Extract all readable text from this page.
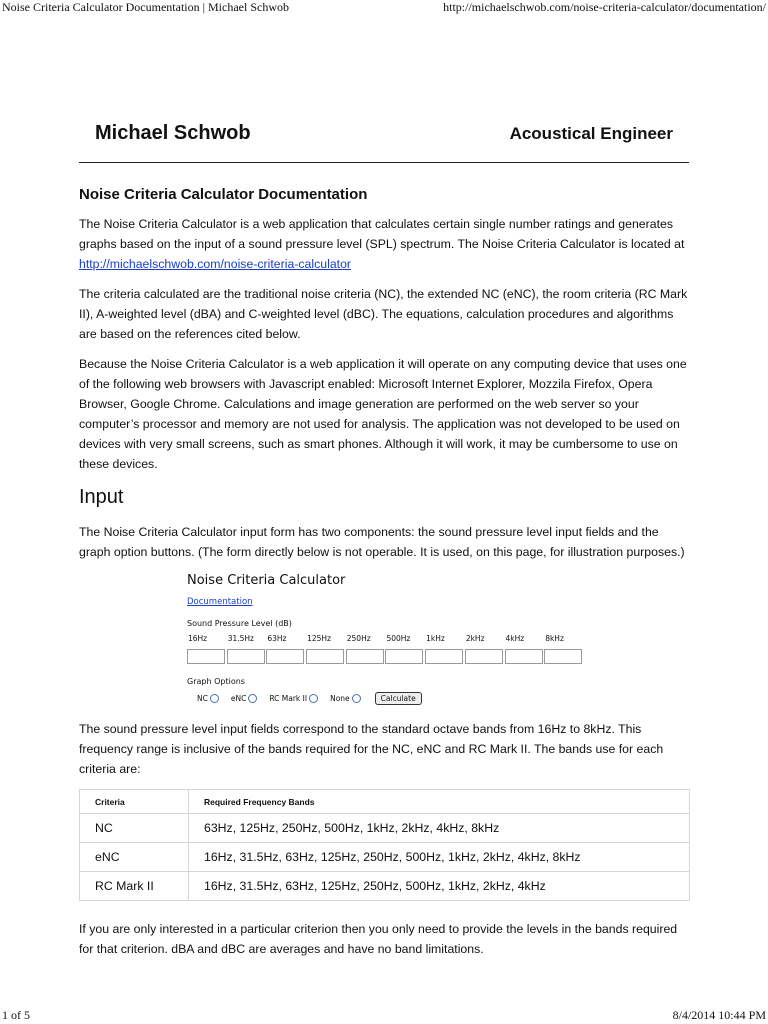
Noise Criteria Calculator Documentation | Michael Schwob	http://michaelschwob.com/noise-criteria-calculator/documentation/
Michael Schwob	Acoustical Engineer
Noise Criteria Calculator Documentation

The Noise Criteria Calculator is a web application that calculates certain single number ratings and generates graphs based on the input of a sound pressure level (SPL) spectrum. The Noise Criteria Calculator is located at http://michaelschwob.com/noise-criteria-calculator

The criteria calculated are the traditional noise criteria (NC), the extended NC (eNC), the room criteria (RC Mark II), A-weighted level (dBA) and C-weighted level (dBC). The equations, calculation procedures and algorithms are based on the references cited below.

Because the Noise Criteria Calculator is a web application it will operate on any computing device that uses one of the following web browsers with Javascript enabled: Microsoft Internet Explorer, Mozzila Firefox, Opera Browser, Google Chrome. Calculations and image generation are performed on the web server so your computer’s processor and memory are not used for analysis. The application was not developed to be used on devices with very small screens, such as smart phones. Although it will work, it may be cumbersome to use on these devices.

Input

The Noise Criteria Calculator input form has two components: the sound pressure level input fields and the graph option buttons. (The form directly below is not operable. It is used, on this page, for illustration purposes.)

Noise Criteria Calculator
Documentation
Sound Pressure Level (dB)
16Hz	31.5Hz	63Hz	125Hz	250Hz	500Hz	1kHz	2kHz	4kHz	8kHz
Graph Options
NC	eNC	RC Mark II	None	Calculate

The sound pressure level input fields correspond to the standard octave bands from 16Hz to 8kHz. This frequency range is inclusive of the bands required for the NC, eNC and RC Mark II. The bands use for each criteria are:

Criteria	Required Frequency Bands
NC	63Hz, 125Hz, 250Hz, 500Hz, 1kHz, 2kHz, 4kHz, 8kHz
eNC	16Hz, 31.5Hz, 63Hz, 125Hz, 250Hz, 500Hz, 1kHz, 2kHz, 4kHz, 8kHz
RC Mark II	16Hz, 31.5Hz, 63Hz, 125Hz, 250Hz, 500Hz, 1kHz, 2kHz, 4kHz

If you are only interested in a particular criterion then you only need to provide the levels in the bands required for that criterion. dBA and dBC are averages and have no band limitations.

1 of 5	8/4/2014 10:44 PM
